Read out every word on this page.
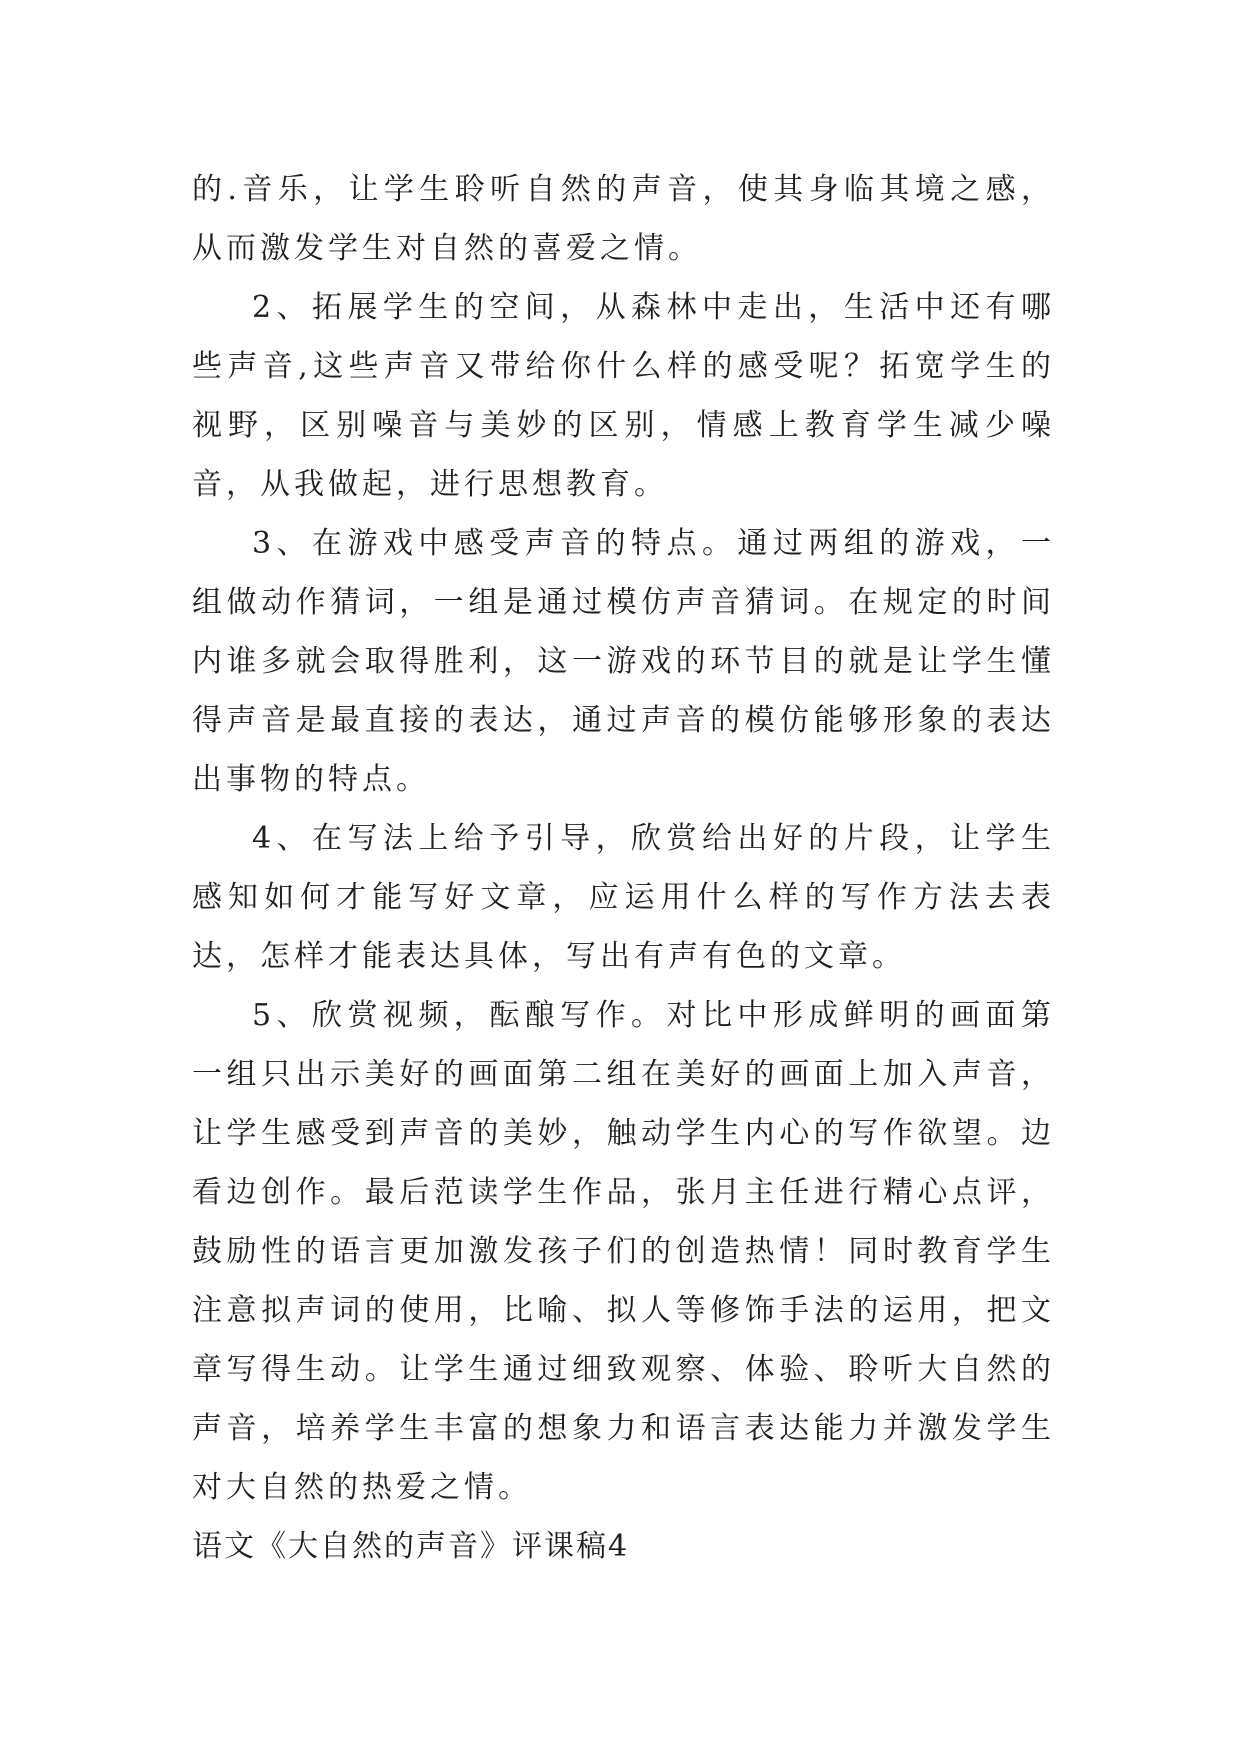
的.音乐，让学生聆听自然的声音，使其身临其境之感，从而激发学生对自然的喜爱之情。

2、拓展学生的空间，从森林中走出，生活中还有哪些声音,这些声音又带给你什么样的感受呢？拓宽学生的视野，区别噪音与美妙的区别，情感上教育学生减少噪音，从我做起，进行思想教育。

3、在游戏中感受声音的特点。通过两组的游戏，一组做动作猜词，一组是通过模仿声音猜词。在规定的时间内谁多就会取得胜利，这一游戏的环节目的就是让学生懂得声音是最直接的表达，通过声音的模仿能够形象的表达出事物的特点。

4、在写法上给予引导，欣赏给出好的片段，让学生感知如何才能写好文章，应运用什么样的写作方法去表达，怎样才能表达具体，写出有声有色的文章。

5、欣赏视频，酝酿写作。对比中形成鲜明的画面第一组只出示美好的画面第二组在美好的画面上加入声音，让学生感受到声音的美妙，触动学生内心的写作欲望。边看边创作。最后范读学生作品，张月主任进行精心点评，鼓励性的语言更加激发孩子们的创造热情！同时教育学生注意拟声词的使用，比喻、拟人等修饰手法的运用，把文章写得生动。让学生通过细致观察、体验、聆听大自然的声音，培养学生丰富的想象力和语言表达能力并激发学生对大自然的热爱之情。

语文《大自然的声音》评课稿4
